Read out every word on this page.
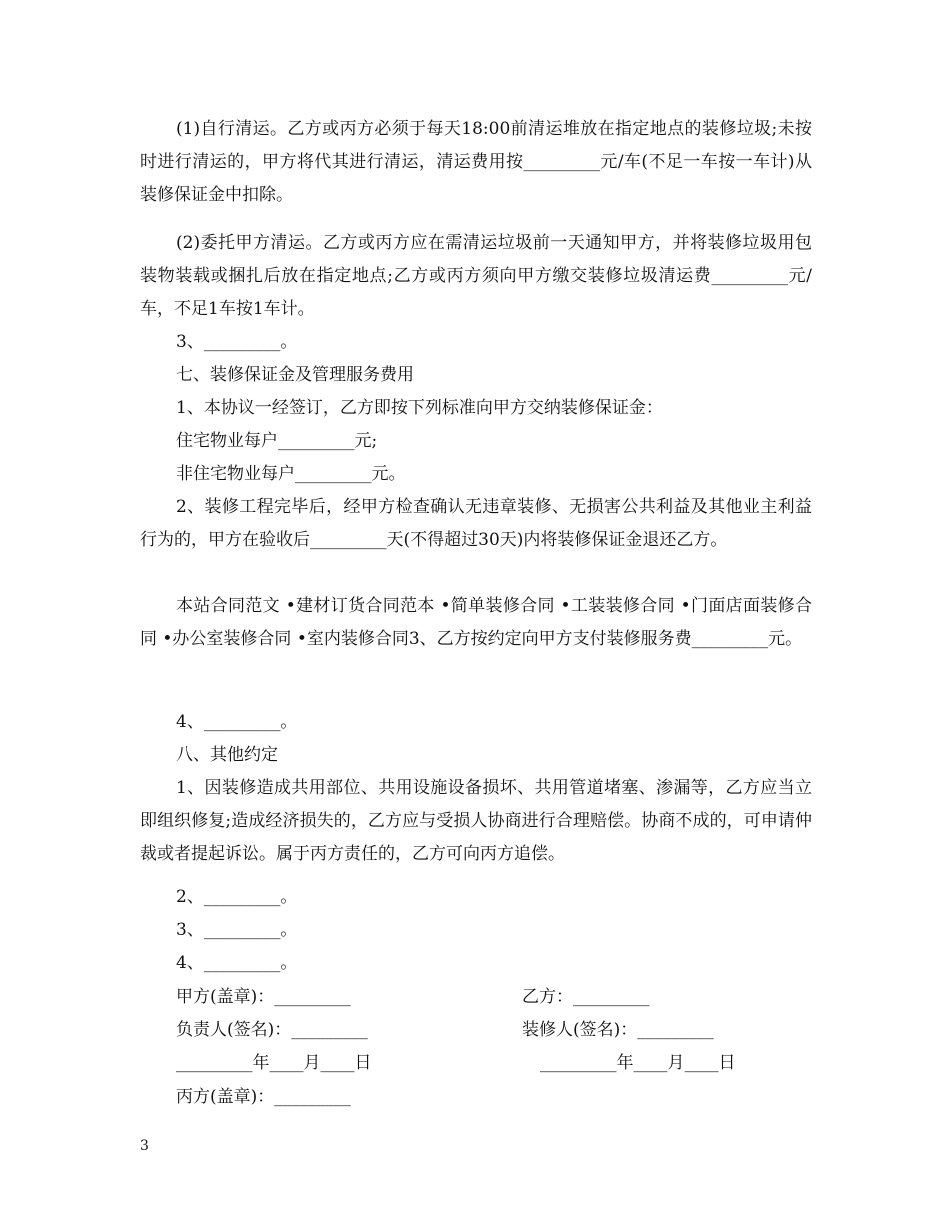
(1)自行清运。乙方或丙方必须于每天18:00前清运堆放在指定地点的装修垃圾;未按时进行清运的，甲方将代其进行清运，清运费用按_________元/车(不足一车按一车计)从装修保证金中扣除。

(2)委托甲方清运。乙方或丙方应在需清运垃圾前一天通知甲方，并将装修垃圾用包装物装载或捆扎后放在指定地点;乙方或丙方须向甲方缴交装修垃圾清运费_________元/车，不足1车按1车计。

3、_________。

七、装修保证金及管理服务费用

1、本协议一经签订，乙方即按下列标准向甲方交纳装修保证金：

住宅物业每户_________元;

非住宅物业每户_________元。

2、装修工程完毕后，经甲方检查确认无违章装修、无损害公共利益及其他业主利益行为的，甲方在验收后_________天(不得超过30天)内将装修保证金退还乙方。

本站合同范文 •建材订货合同范本 •简单装修合同 •工装装修合同 •门面店面装修合同 •办公室装修合同 •室内装修合同3、乙方按约定向甲方支付装修服务费_________元。

4、_________。

八、其他约定

1、因装修造成共用部位、共用设施设备损坏、共用管道堵塞、渗漏等，乙方应当立即组织修复;造成经济损失的，乙方应与受损人协商进行合理赔偿。协商不成的，可申请仲裁或者提起诉讼。属于丙方责任的，乙方可向丙方追偿。

2、_________。

3、_________。

4、_________。

甲方(盖章)：_________	乙方：_________
负责人(签名)：_________	装修人(签名)：_________
_________年____月____日	_________年____月____日
丙方(盖章)：_________
3
